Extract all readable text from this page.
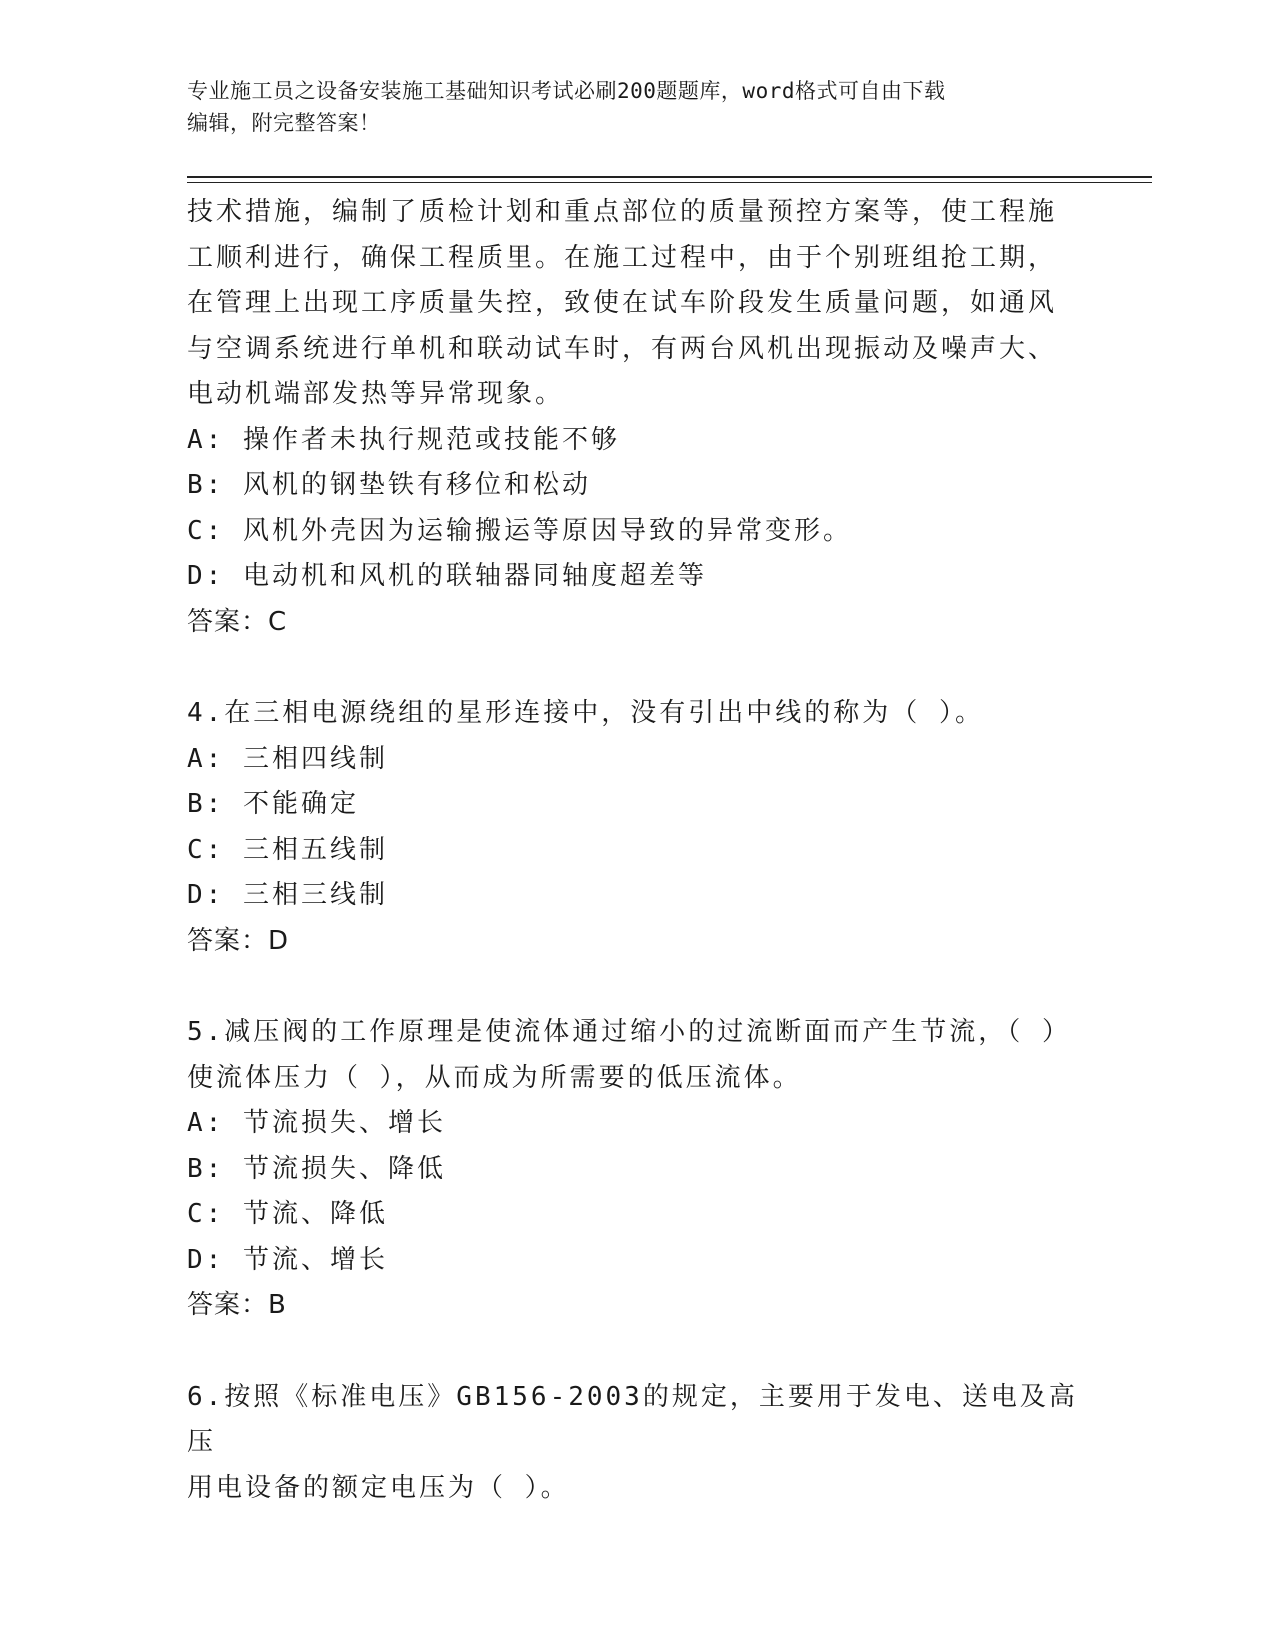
专业施工员之设备安装施工基础知识考试必刷200题题库，word格式可自由下载
编辑，附完整答案！

技术措施，编制了质检计划和重点部位的质量预控方案等，使工程施

工顺利进行，确保工程质里。在施工过程中，由于个别班组抢工期，

在管理上出现工序质量失控，致使在试车阶段发生质量问题，如通风

与空调系统进行单机和联动试车时，有两台风机出现振动及噪声大、

电动机端部发热等异常现象。

A: 操作者未执行规范或技能不够

B: 风机的钢垫铁有移位和松动

C: 风机外壳因为运输搬运等原因导致的异常变形。

D: 电动机和风机的联轴器同轴度超差等

答案：C

4.在三相电源绕组的星形连接中，没有引出中线的称为（ ）。

A: 三相四线制

B: 不能确定

C: 三相五线制

D: 三相三线制

答案：D

5.减压阀的工作原理是使流体通过缩小的过流断面而产生节流，（ ）

使流体压力（ ），从而成为所需要的低压流体。

A: 节流损失、增长

B: 节流损失、降低

C: 节流、降低

D: 节流、增长

答案：B

6.按照《标准电压》GB156-2003的规定，主要用于发电、送电及高压

用电设备的额定电压为（ ）。
